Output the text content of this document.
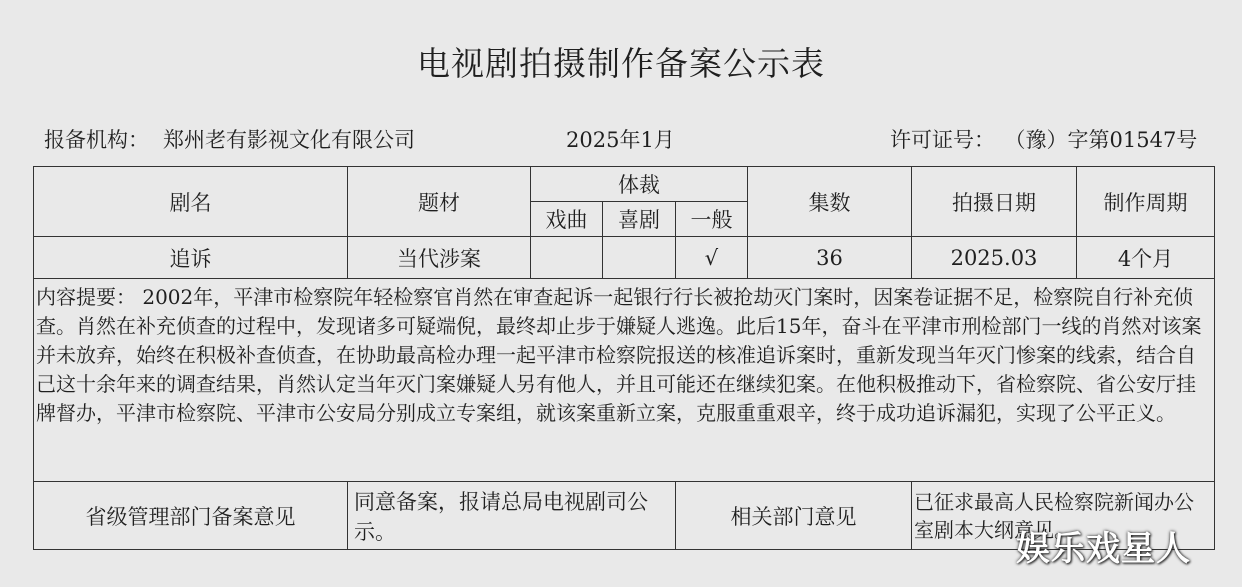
电视剧拍摄制作备案公示表
报备机构： 郑州老有影视文化有限公司	2025年1月	许可证号： （豫）字第01547号
剧名	题材	体裁			集数	拍摄日期	制作周期
		戏曲	喜剧	一般			
追诉	当代涉案			√	36	2025.03	4个月
内容提要： 2002年，平津市检察院年轻检察官肖然在审查起诉一起银行行长被抢劫灭门案时，因案卷证据不足，检察院自行补充侦查。肖然在补充侦查的过程中，发现诸多可疑端倪，最终却止步于嫌疑人逃逸。此后15年，奋斗在平津市刑检部门一线的肖然对该案并未放弃，始终在积极补查侦查，在协助最高检办理一起平津市检察院报送的核准追诉案时，重新发现当年灭门惨案的线索，结合自己这十余年来的调查结果，肖然认定当年灭门案嫌疑人另有他人，并且可能还在继续犯案。在他积极推动下，省检察院、省公安厅挂牌督办，平津市检察院、平津市公安局分别成立专案组，就该案重新立案，克服重重艰辛，终于成功追诉漏犯，实现了公平正义。							
省级管理部门备案意见	同意备案，报请总局电视剧司公示。			相关部门意见		已征求最高人民检察院新闻办公室剧本大纲意见。	
娱乐戏星人
